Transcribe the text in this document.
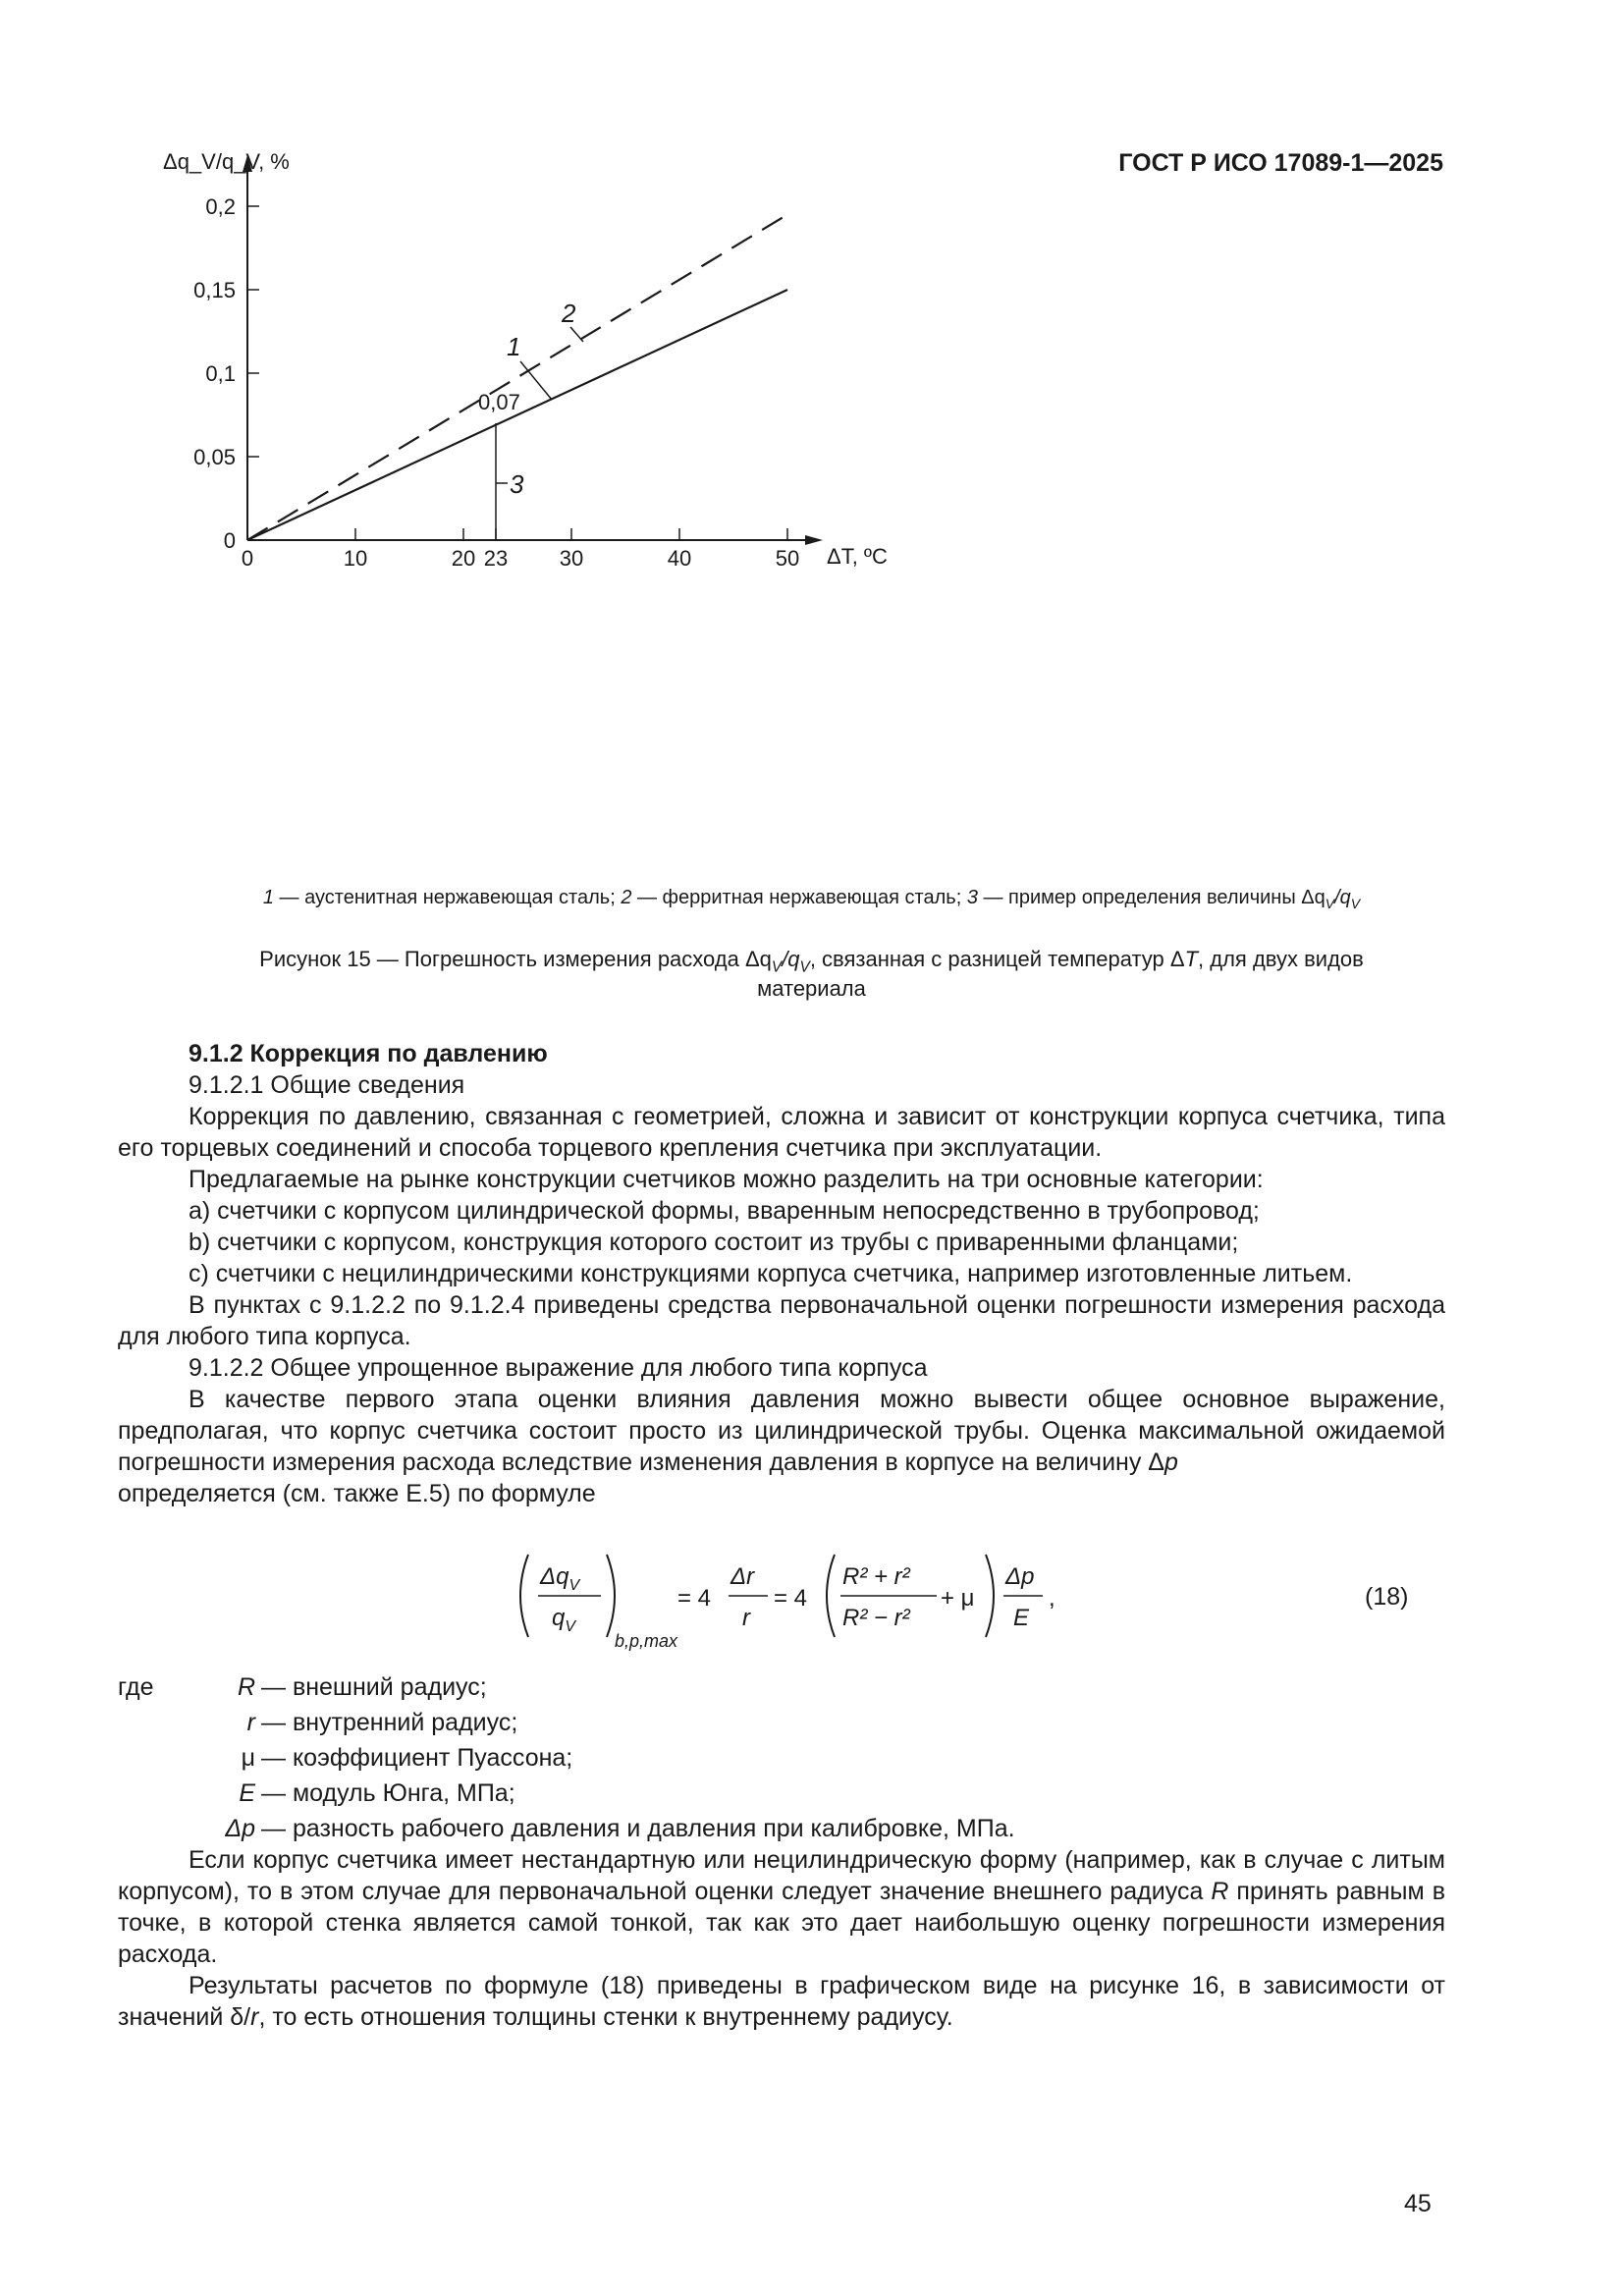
ГОСТ Р ИСО 17089-1—2025
Δq_V/q_V, %
ΔT, ºC
0
0,05
0,1
0,15
0,2
0	10	20 23 30	40	50
0,07
1
2
3
1 — аустенитная нержавеющая сталь; 2 — ферритная нержавеющая сталь; 3 — пример определения величины $\Delta q_V/q_V$
Рисунок 15 — Погрешность измерения расхода $\Delta q_V/q_V$, связанная с разницей температур ΔT, для двух видов
материала

9.1.2 Коррекция по давлению

9.1.2.1 Общие сведения

Коррекция по давлению, связанная с геометрией, сложна и зависит от конструкции корпуса счетчика, типа его торцевых соединений и способа торцевого крепления счетчика при эксплуатации.

Предлагаемые на рынке конструкции счетчиков можно разделить на три основные категории:

а) счетчики с корпусом цилиндрической формы, вваренным непосредственно в трубопровод;

b) счетчики с корпусом, конструкция которого состоит из трубы с приваренными фланцами;

с) счетчики с нецилиндрическими конструкциями корпуса счетчика, например изготовленные литьем.

В пунктах с 9.1.2.2 по 9.1.2.4 приведены средства первоначальной оценки погрешности измерения расхода для любого типа корпуса.

9.1.2.2 Общее упрощенное выражение для любого типа корпуса

В качестве первого этапа оценки влияния давления можно вывести общее основное выражение, предполагая, что корпус счетчика состоит просто из цилиндрической трубы. Оценка максимальной ожидаемой погрешности измерения расхода вследствие изменения давления в корпусе на величину Δp
определяется (см. также Е.5) по формуле

$\Delta q_V$
$q_V$
b,p,max
= 4
Δr
r
= 4
R² + r²
R² − r²
+ μ
Δp
E
,	(18)
где	R — внешний радиус;
r — внутренний радиус;
μ — коэффициент Пуассона;
E — модуль Юнга, МПа;
Δp — разность рабочего давления и давления при калибровке, МПа.

Если корпус счетчика имеет нестандартную или нецилиндрическую форму (например, как в случае с литым корпусом), то в этом случае для первоначальной оценки следует значение внешнего радиуса R принять равным в точке, в которой стенка является самой тонкой, так как это дает наибольшую оценку погрешности измерения расхода.

Результаты расчетов по формуле (18) приведены в графическом виде на рисунке 16, в зависимости от значений δ/r, то есть отношения толщины стенки к внутреннему радиусу.

45
